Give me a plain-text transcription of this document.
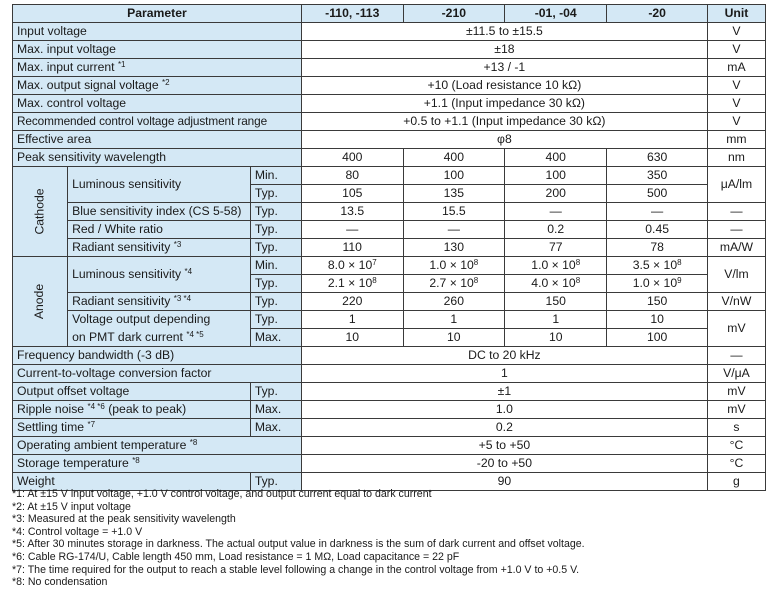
Parameter			-110, -113	-210	-01, -04	-20	Unit
Input voltage			±11.5 to ±15.5				V
Max. input voltage			±18				V
Max. input current $^{*1}$			+13 / -1				mA
Max. output signal voltage $^{*2}$			+10 (Load resistance 10 kΩ)				V
Max. control voltage			+1.1 (Input impedance 30 kΩ)				V
Recommended control voltage adjustment range			+0.5 to +1.1 (Input impedance 30 kΩ)				V
Effective area			φ8				mm
Peak sensitivity wavelength			400	400	400	630	nm
Cathode	Luminous sensitivity	Min.	80	100	100	350	μA/lm
		Typ.	105	135	200	500	
	Blue sensitivity index (CS 5-58)	Typ.	13.5	15.5	—	—	—
	Red / White ratio	Typ.	—	—	0.2	0.45	—
	Radiant sensitivity $^{*3}$	Typ.	110	130	77	78	mA/W
Anode	Luminous sensitivity $^{*4}$	Min.	$8.0 \times 10^7$	$1.0 \times 10^8$	$1.0 \times 10^8$	$3.5 \times 10^8$	V/lm
		Typ.	$2.1 \times 10^8$	$2.7 \times 10^8$	$4.0 \times 10^8$	$1.0 \times 10^9$
	Radiant sensitivity $^{*3 *4}$	Typ.	220	260	150	150	V/nW
	Voltage output depending	Typ.	1	1	1	10	mV
	on PMT dark current $^{*4 *5}$	Max.	10	10	10	100	
Frequency bandwidth (-3 dB)			DC to 20 kHz				—
Current-to-voltage conversion factor			1				V/μA
Output offset voltage		Typ.	±1				mV
Ripple noise $^{*4 *6}$ (peak to peak)		Max.	1.0				mV
Settling time $^{*7}$		Max.	0.2				s
Operating ambient temperature $^{*8}$			+5 to +50				°C
Storage temperature $^{*8}$			-20 to +50				°C
Weight		Typ.	90				g
*1: At ±15 V input voltage, +1.0 V control voltage, and output current equal to dark current
*2: At ±15 V input voltage
*3: Measured at the peak sensitivity wavelength
*4: Control voltage = +1.0 V
*5: After 30 minutes storage in darkness. The actual output value in darkness is the sum of dark current and offset voltage.
*6: Cable RG-174/U, Cable length 450 mm, Load resistance = 1 MΩ, Load capacitance = 22 pF
*7: The time required for the output to reach a stable level following a change in the control voltage from +1.0 V to +0.5 V.
*8: No condensation
